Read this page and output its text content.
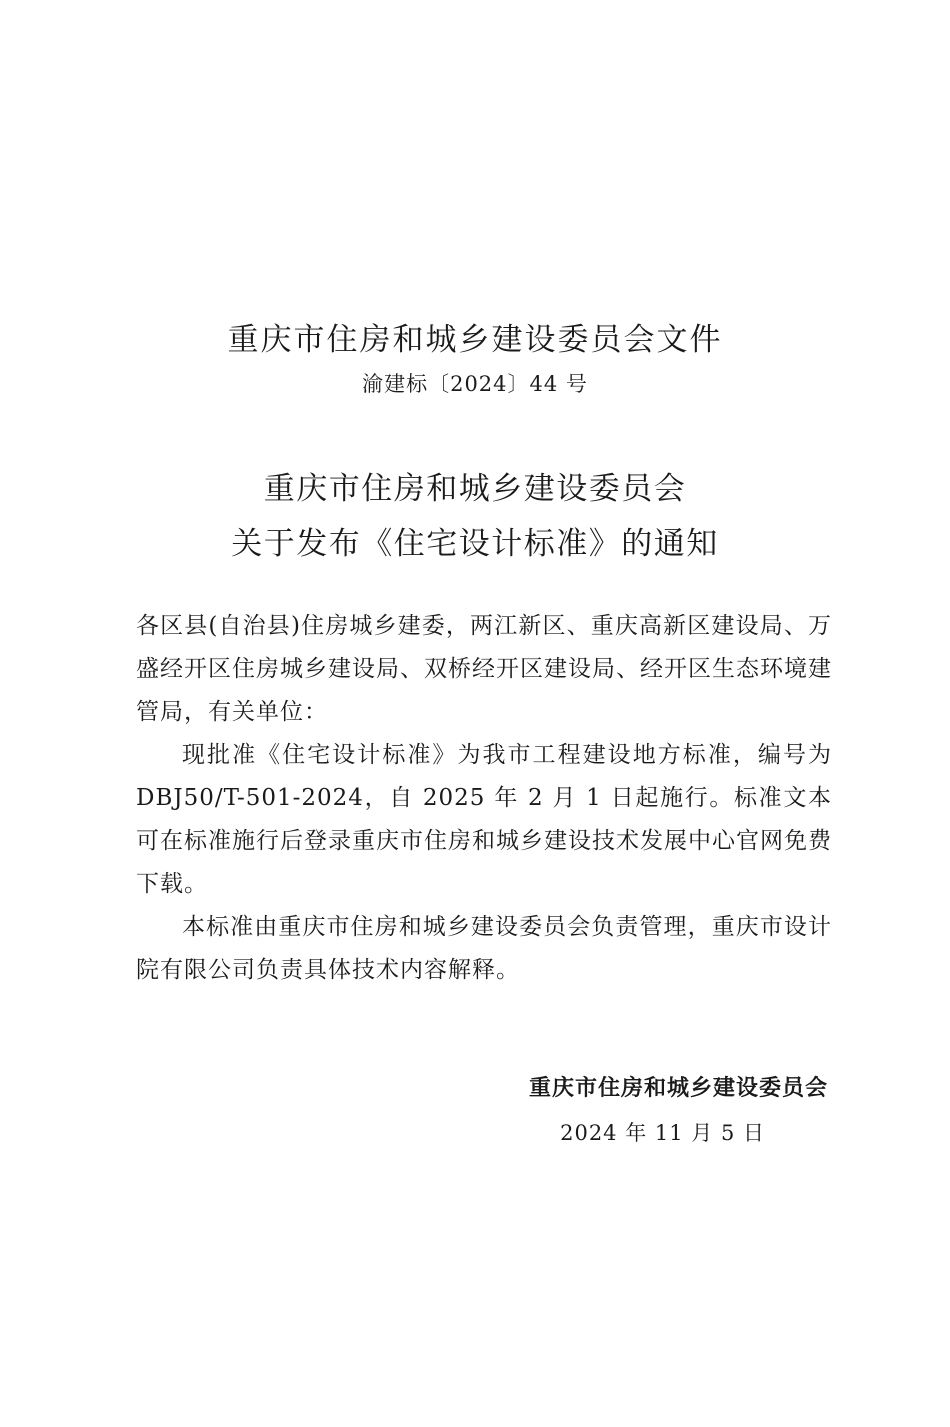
重庆市住房和城乡建设委员会文件
渝建标〔2024〕44 号
重庆市住房和城乡建设委员会
关于发布《住宅设计标准》的通知

各区县(自治县)住房城乡建委，两江新区、重庆高新区建设局、万盛经开区住房城乡建设局、双桥经开区建设局、经开区生态环境建管局，有关单位：

现批准《住宅设计标准》为我市工程建设地方标准，编号为DBJ50/T-501-2024，自 2025 年 2 月 1 日起施行。标准文本可在标准施行后登录重庆市住房和城乡建设技术发展中心官网免费下载。

本标准由重庆市住房和城乡建设委员会负责管理，重庆市设计院有限公司负责具体技术内容解释。

重庆市住房和城乡建设委员会
2024 年 11 月 5 日
